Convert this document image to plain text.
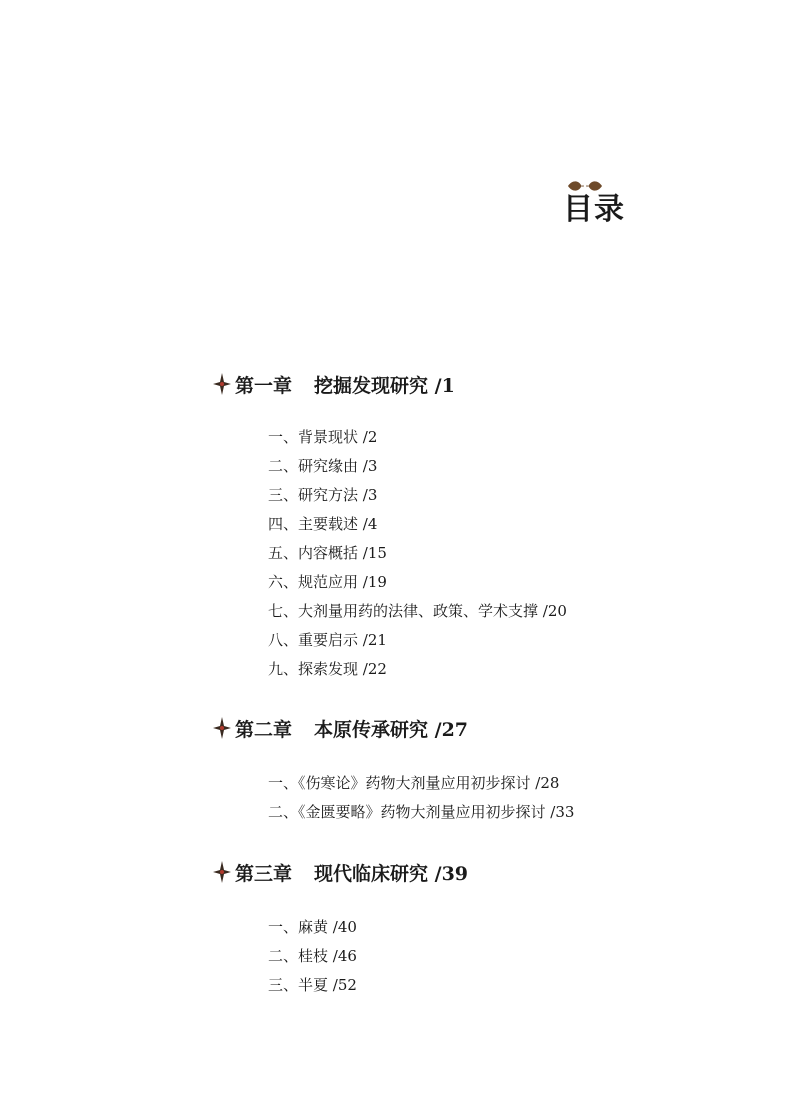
目录
第一章 挖掘发现研究 /1
一、背景现状 /2
二、研究缘由 /3
三、研究方法 /3
四、主要载述 /4
五、内容概括 /15
六、规范应用 /19
七、大剂量用药的法律、政策、学术支撑 /20
八、重要启示 /21
九、探索发现 /22
第二章 本原传承研究 /27
一、《伤寒论》药物大剂量应用初步探讨 /28
二、《金匮要略》药物大剂量应用初步探讨 /33
第三章 现代临床研究 /39
一、麻黄 /40
二、桂枝 /46
三、半夏 /52
